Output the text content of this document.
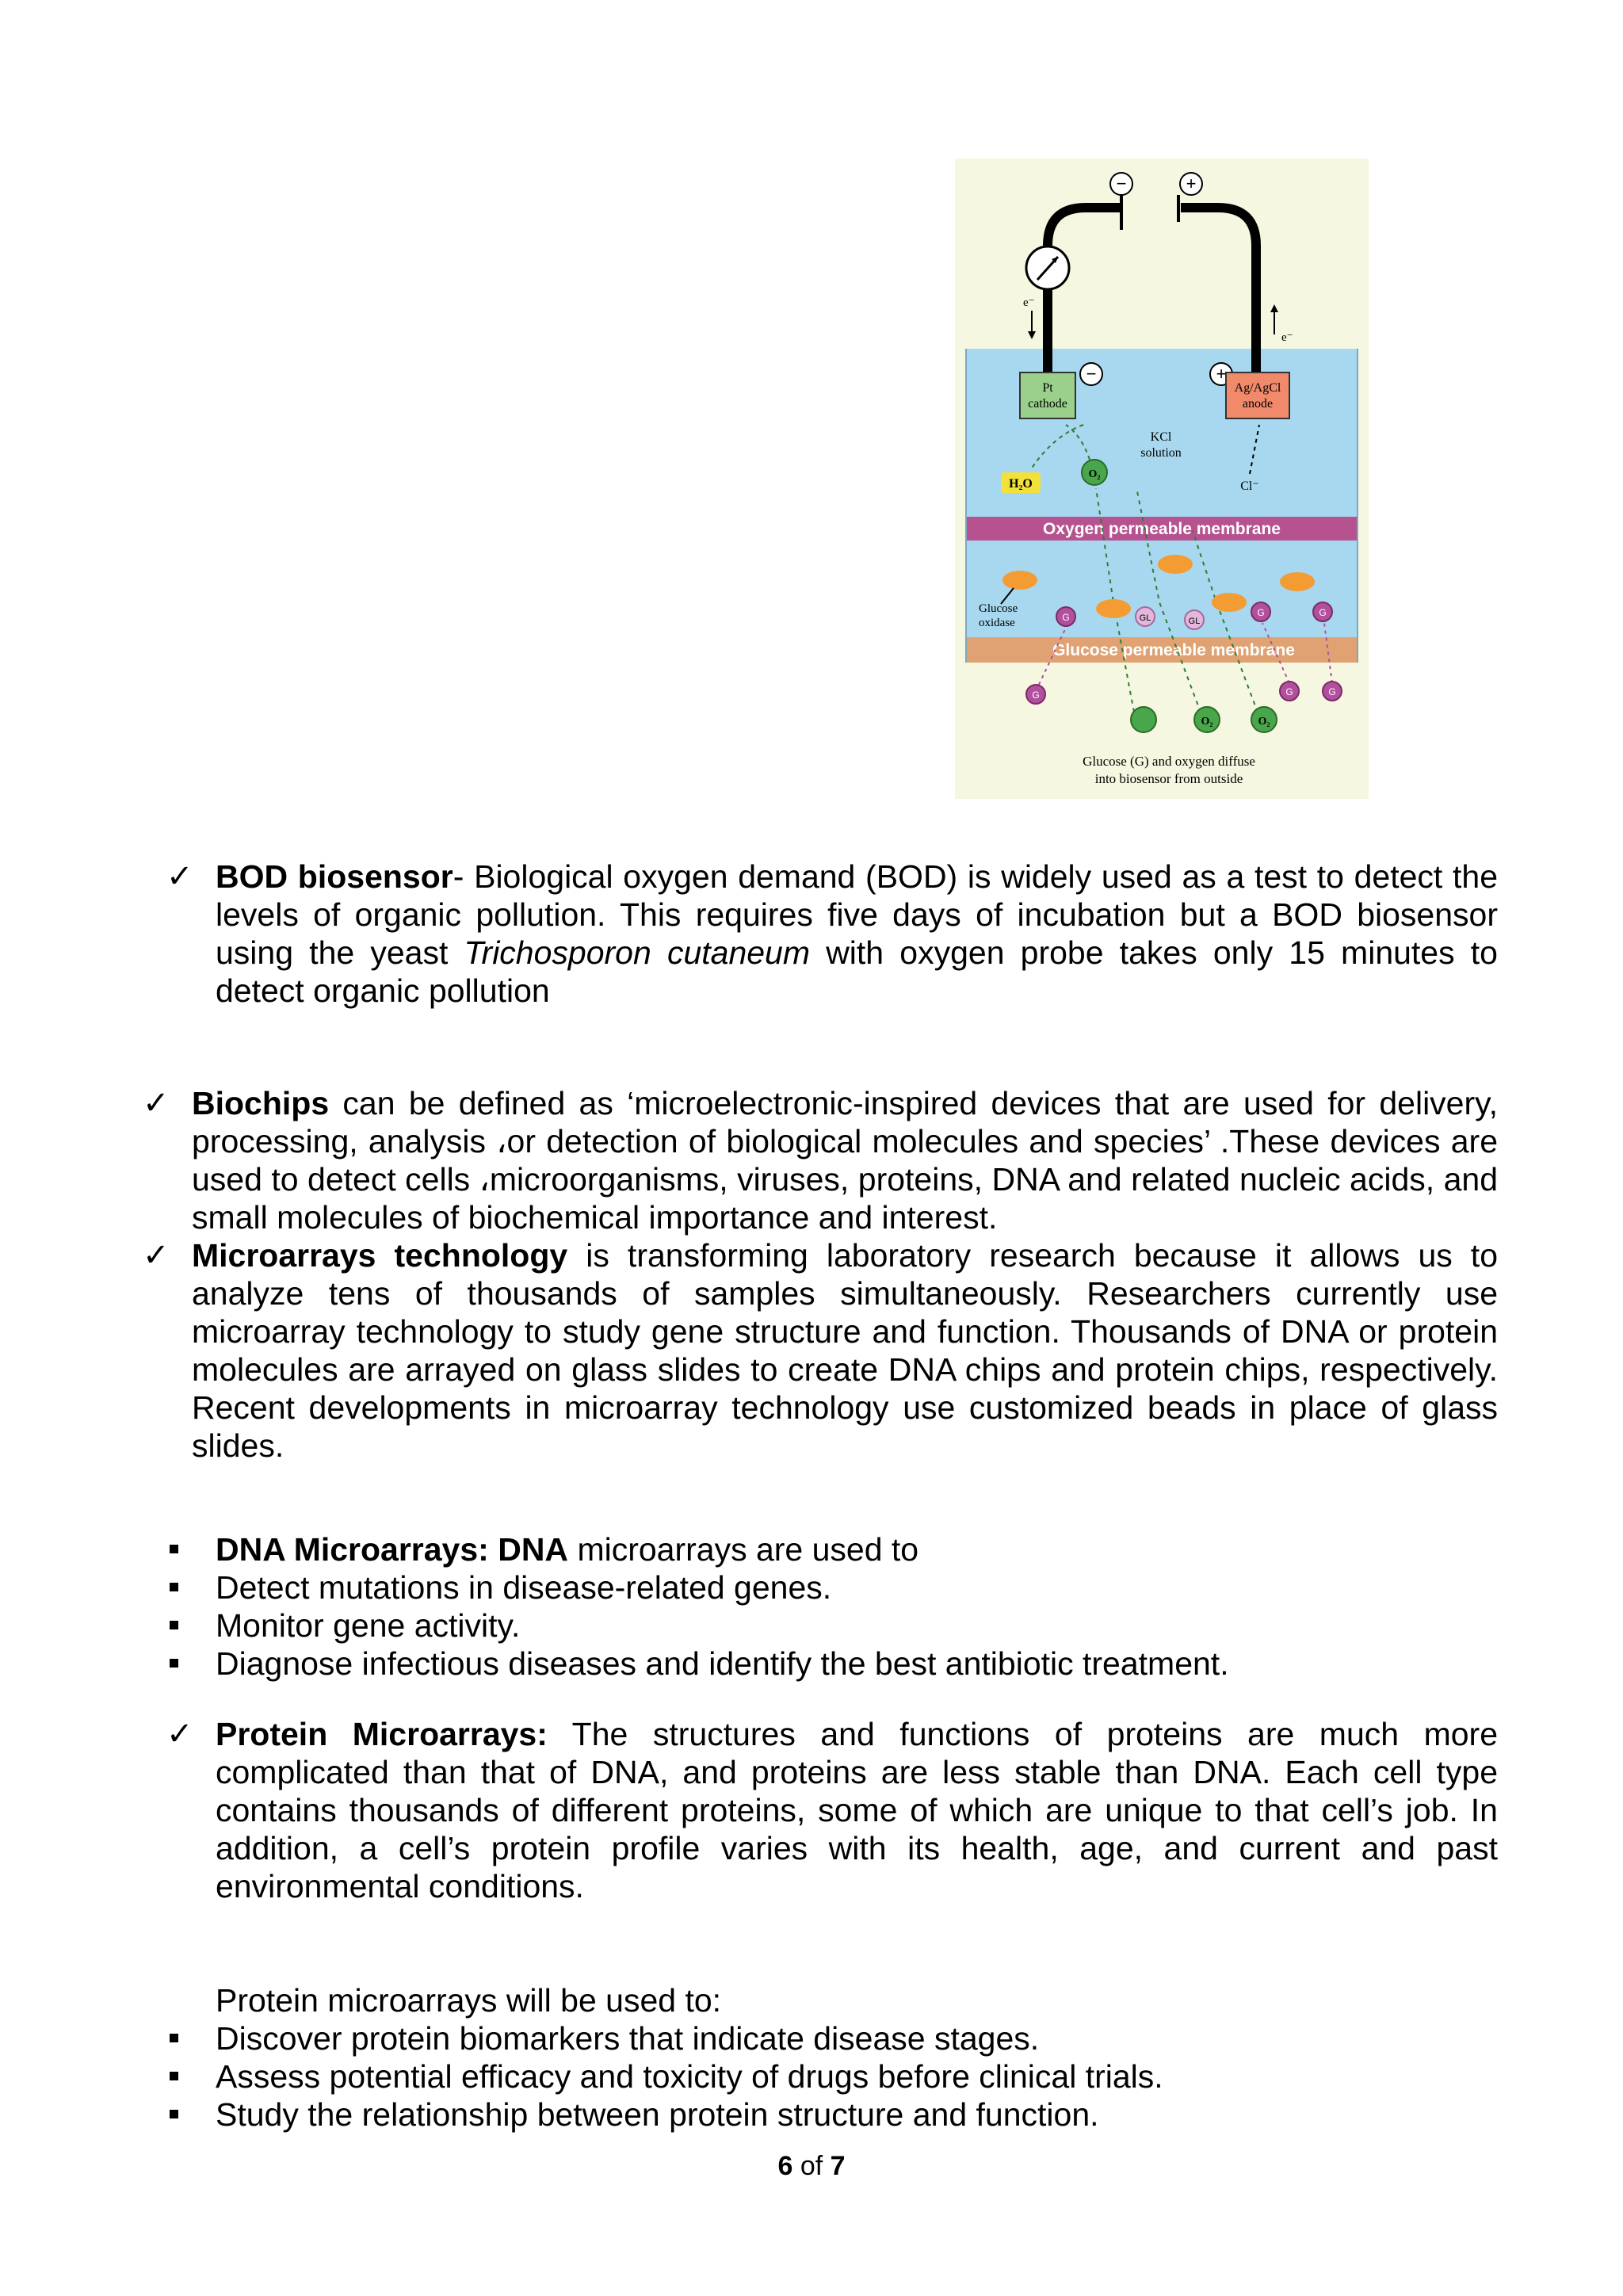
Oxygen permeable membrane
Glucose permeable membrane
−	+
e⁻
e⁻
−
Pt
cathode
+
Ag/AgCl
anode
KCl
solution
H₂O
O₂
Cl⁻
Glucose
oxidase	G	G	G
GL	GL
G	G	G
O₂	O₂
Glucose (G) and oxygen diffuse
into biosensor from outside
✓ BOD biosensor- Biological oxygen demand (BOD) is widely used as a test to detect the levels of organic pollution. This requires five days of incubation but a BOD biosensor using the yeast Trichosporon cutaneum with oxygen probe takes only 15 minutes to detect organic pollution

✓ Biochips can be defined as ‘microelectronic-inspired devices that are used for delivery, processing, analysis ،or detection of biological molecules and species’ .These devices are used to detect cells ،microorganisms, viruses, proteins, DNA and related nucleic acids, and small molecules of biochemical importance and interest.

✓ Microarrays technology is transforming laboratory research because it allows us to analyze tens of thousands of samples simultaneously. Researchers currently use microarray technology to study gene structure and function. Thousands of DNA or protein molecules are arrayed on glass slides to create DNA chips and protein chips, respectively. Recent developments in microarray technology use customized beads in place of glass slides.

DNA Microarrays: DNA microarrays are used to
Detect mutations in disease-related genes.
Monitor gene activity.
Diagnose infectious diseases and identify the best antibiotic treatment.
✓ Protein Microarrays: The structures and functions of proteins are much more complicated than that of DNA, and proteins are less stable than DNA. Each cell type contains thousands of different proteins, some of which are unique to that cell’s job. In addition, a cell’s protein profile varies with its health, age, and current and past environmental conditions.

Protein microarrays will be used to:
Discover protein biomarkers that indicate disease stages.
Assess potential efficacy and toxicity of drugs before clinical trials.
Study the relationship between protein structure and function.
6 of 7
